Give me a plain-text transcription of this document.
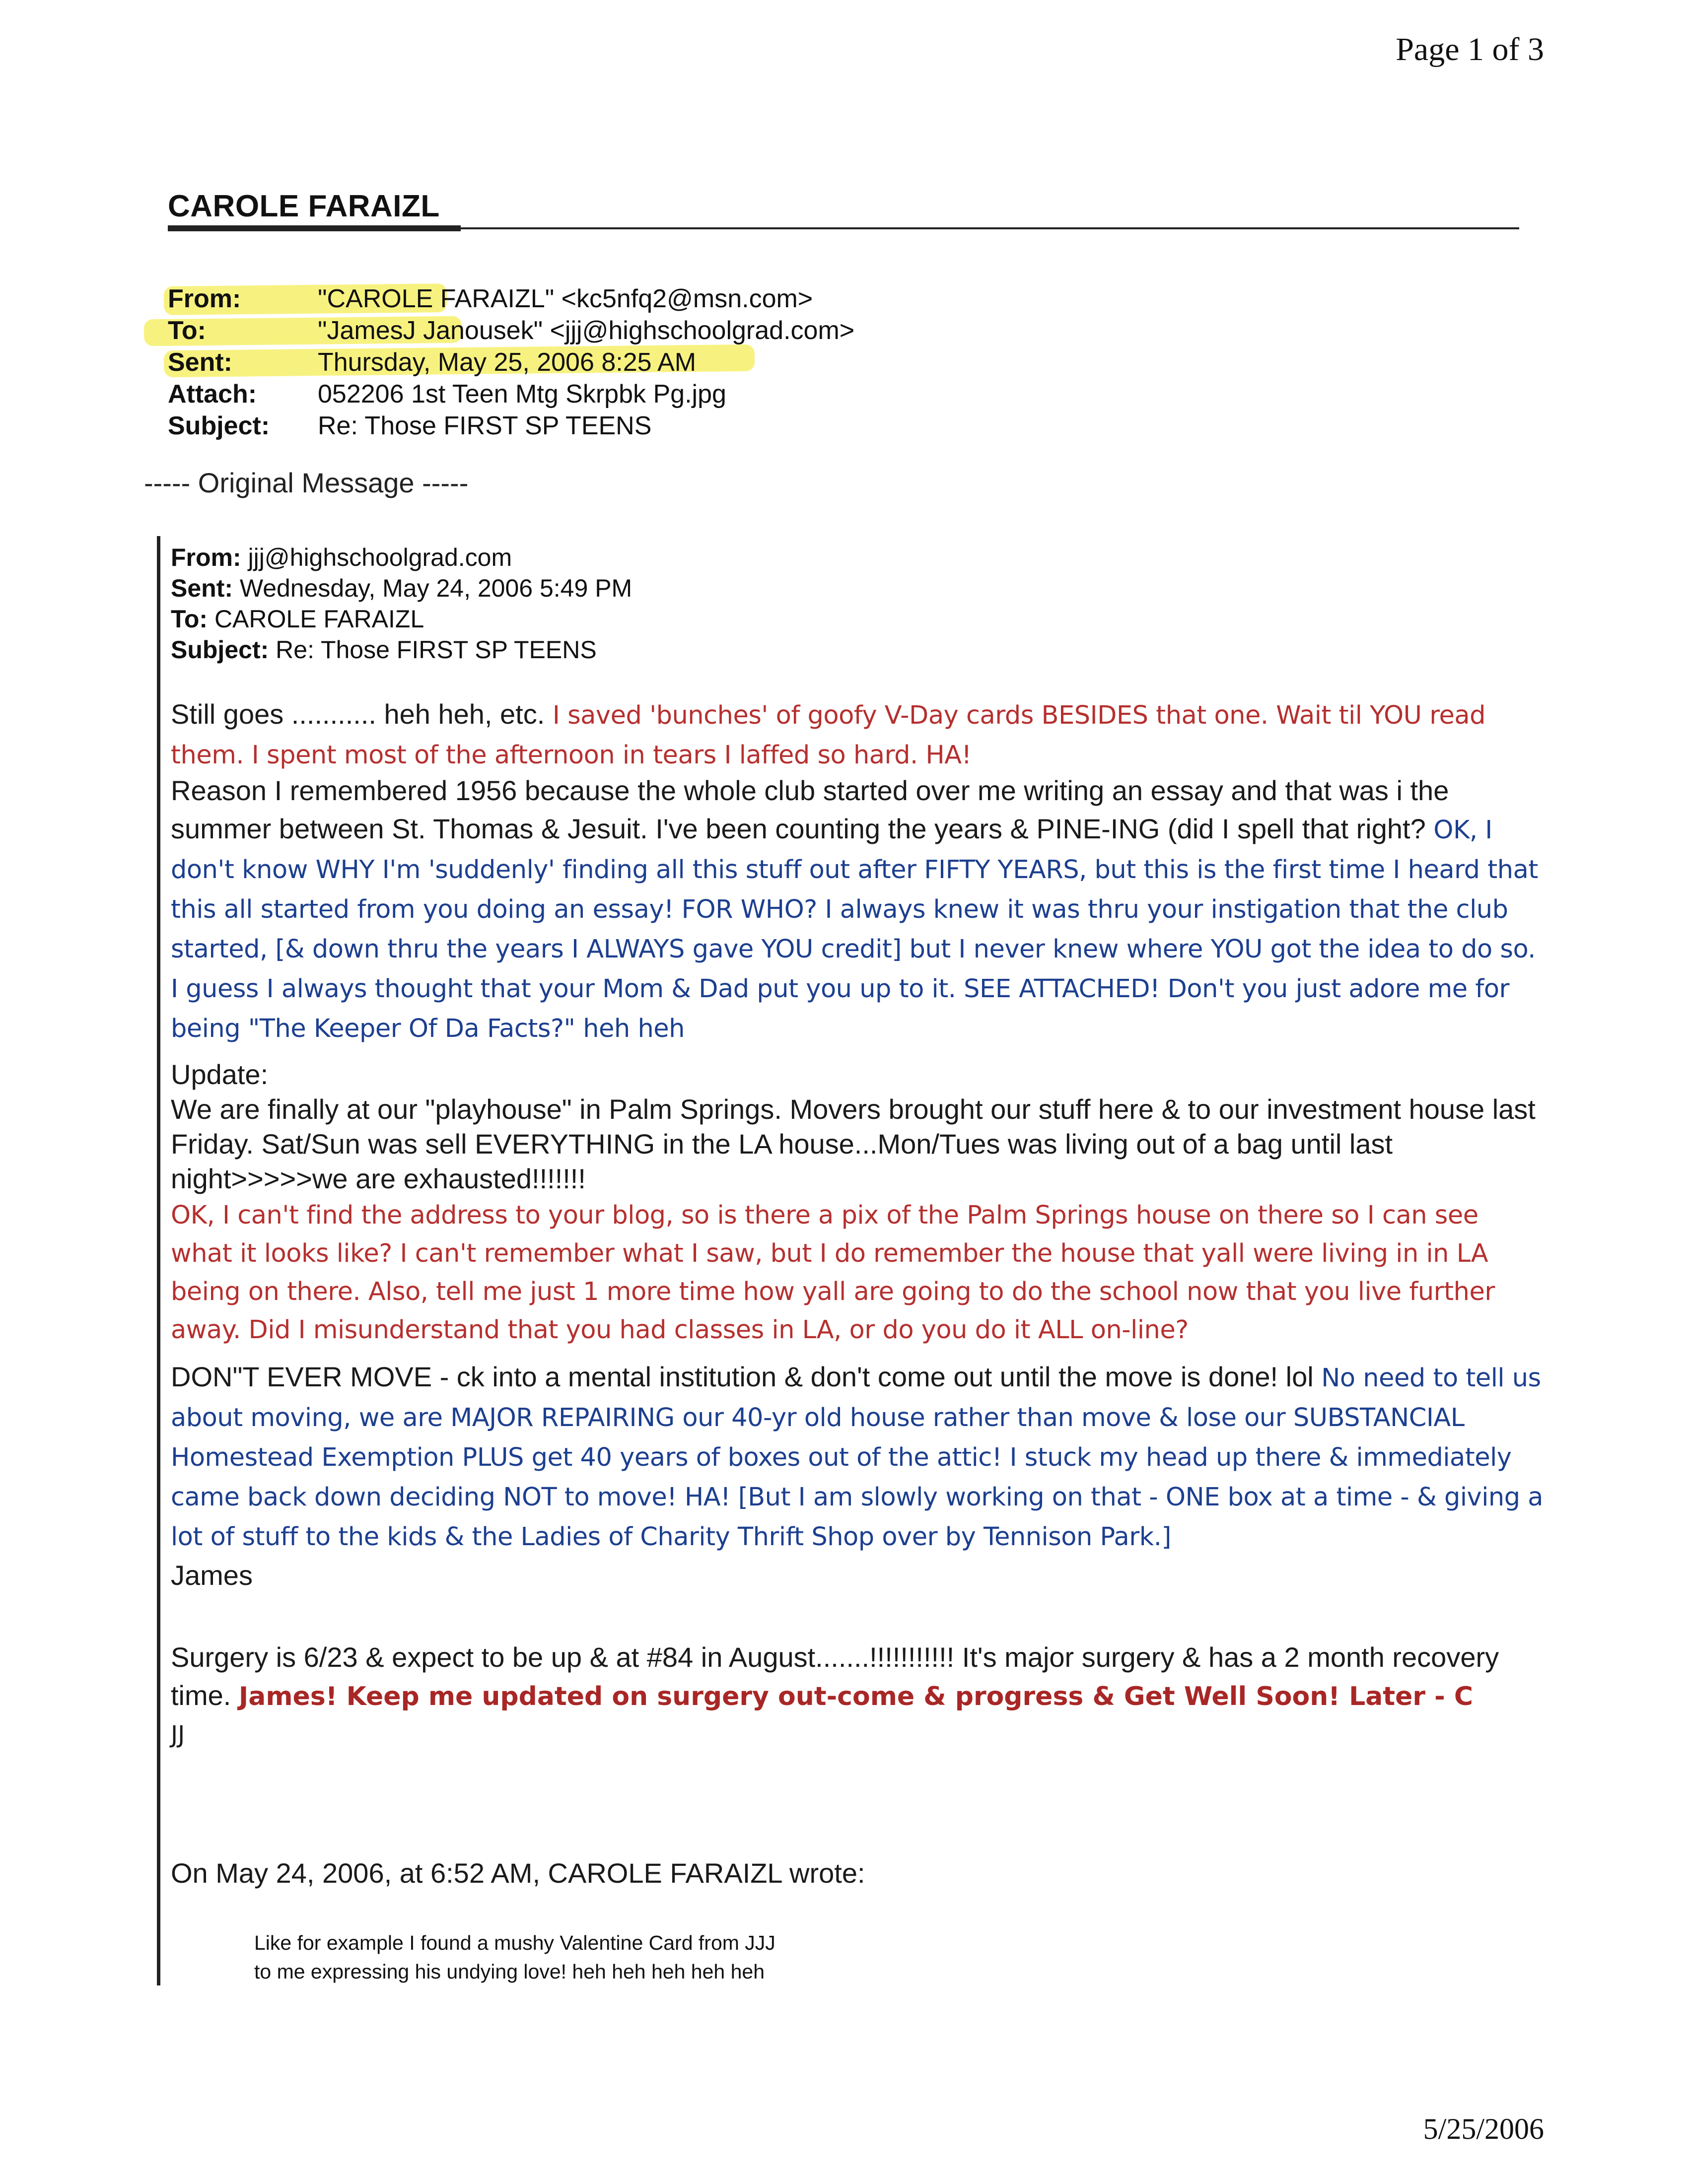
Page 1 of 3
CAROLE FARAIZL
From:	"CAROLE FARAIZL" <kc5nfq2@msn.com>
To:	"JamesJ Janousek" <jjj@highschoolgrad.com>
Sent:	Thursday, May 25, 2006 8:25 AM
Attach: 052206 1st Teen Mtg Skrpbk Pg.jpg
Subject: Re: Those FIRST SP TEENS
----- Original Message -----
From: jjj@highschoolgrad.com
Sent: Wednesday, May 24, 2006 5:49 PM
To: CAROLE FARAIZL
Subject: Re: Those FIRST SP TEENS
Still goes ........... heh heh, etc. I saved 'bunches' of goofy V-Day cards BESIDES that one. Wait til YOU read them. I spent most of the afternoon in tears I laffed so hard. HA!
Reason I remembered 1956 because the whole club started over me writing an essay and that was i the summer between St. Thomas & Jesuit. I've been counting the years & PINE-ING (did I spell that right? OK, I don't know WHY I'm 'suddenly' finding all this stuff out after FIFTY YEARS, but this is the first time I heard that this all started from you doing an essay! FOR WHO? I always knew it was thru your instigation that the club started, [& down thru the years I ALWAYS gave YOU credit] but I never knew where YOU got the idea to do so. I guess I always thought that your Mom & Dad put you up to it. SEE ATTACHED! Don't you just adore me for being "The Keeper Of Da Facts?" heh heh
Update:
We are finally at our "playhouse" in Palm Springs. Movers brought our stuff here & to our investment house last Friday. Sat/Sun was sell EVERYTHING in the LA house...Mon/Tues was living out of a bag until last night>>>>>we are exhausted!!!!!!!
OK, I can't find the address to your blog, so is there a pix of the Palm Springs house on there so I can see what it looks like? I can't remember what I saw, but I do remember the house that yall were living in in LA being on there. Also, tell me just 1 more time how yall are going to do the school now that you live further away. Did I misunderstand that you had classes in LA, or do you do it ALL on-line?
DON"T EVER MOVE - ck into a mental institution & don't come out until the move is done! lol No need to tell us about moving, we are MAJOR REPAIRING our 40-yr old house rather than move & lose our SUBSTANCIAL Homestead Exemption PLUS get 40 years of boxes out of the attic! I stuck my head up there & immediately came back down deciding NOT to move! HA! [But I am slowly working on that - ONE box at a time - & giving a lot of stuff to the kids & the Ladies of Charity Thrift Shop over by Tennison Park.]
James
Surgery is 6/23 & expect to be up & at #84 in August.......!!!!!!!!!!! It's major surgery & has a 2 month recovery time. James! Keep me updated on surgery out-come & progress & Get Well Soon! Later - C
JJ
On May 24, 2006, at 6:52 AM, CAROLE FARAIZL wrote:
Like for example I found a mushy Valentine Card from JJJ
to me expressing his undying love! heh heh heh heh heh
5/25/2006
